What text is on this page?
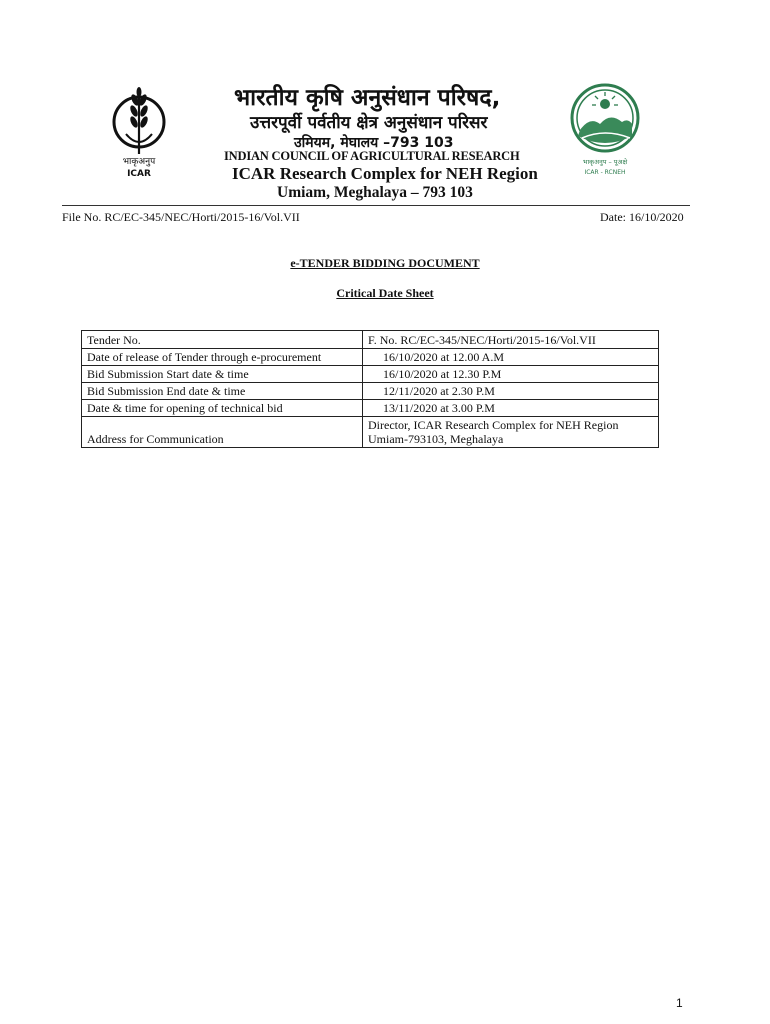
भाकृअनुप
ICAR
भाकृअनुप – पूअक्षे
ICAR - RCNEH
भारतीय कृषि अनुसंधान परिषद,
उत्तरपूर्वी पर्वतीय क्षेत्र अनुसंधान परिसर
उमियम, मेघालय –793 103
INDIAN COUNCIL OF AGRICULTURAL RESEARCH
ICAR Research Complex for NEH Region
Umiam, Meghalaya – 793 103
File No. RC/EC-345/NEC/Horti/2015-16/Vol.VII	Date: 16/10/2020
e-TENDER BIDDING DOCUMENT
Critical Date Sheet
Tender No.	F. No. RC/EC-345/NEC/Horti/2015-16/Vol.VII
Date of release of Tender through e-procurement	16/10/2020 at 12.00 A.M
Bid Submission Start date & time	16/10/2020 at 12.30 P.M
Bid Submission End date & time	12/11/2020 at 2.30 P.M
Date & time for opening of technical bid	13/11/2020 at 3.00 P.M
Address for Communication	Director, ICAR Research Complex for NEH Region Umiam-793103, Meghalaya
1
